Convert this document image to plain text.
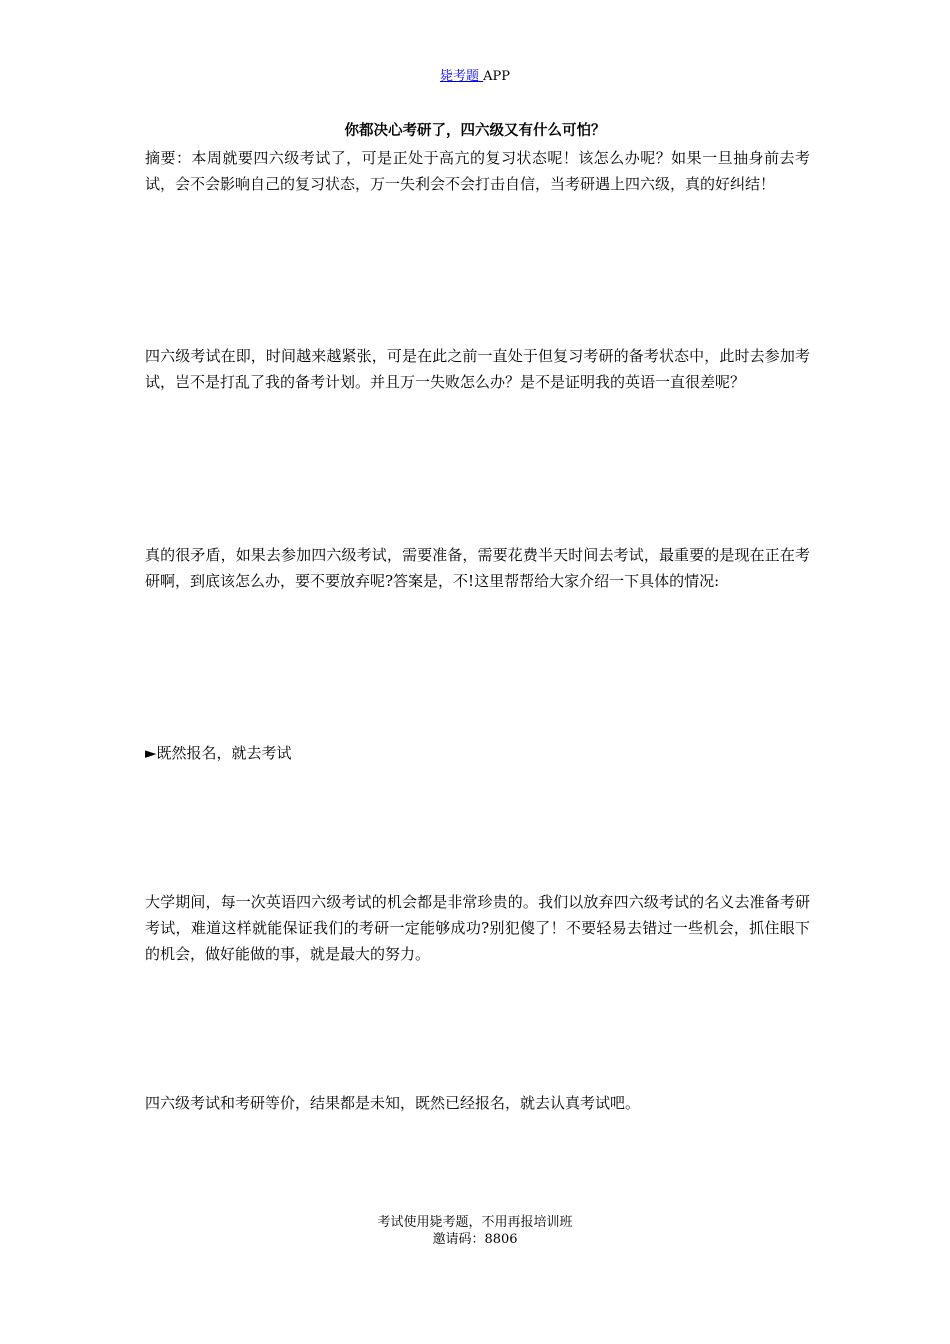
毙考题 APP
你都决心考研了，四六级又有什么可怕？
摘要：本周就要四六级考试了，可是正处于高亢的复习状态呢！该怎么办呢？如果一旦抽身前去考试，会不会影响自己的复习状态，万一失利会不会打击自信，当考研遇上四六级，真的好纠结！
四六级考试在即，时间越来越紧张，可是在此之前一直处于但复习考研的备考状态中，此时去参加考试，岂不是打乱了我的备考计划。并且万一失败怎么办？是不是证明我的英语一直很差呢？
真的很矛盾，如果去参加四六级考试，需要准备，需要花费半天时间去考试，最重要的是现在正在考研啊，到底该怎么办，要不要放弃呢?答案是，不!这里帮帮给大家介绍一下具体的情况:
►既然报名，就去考试
大学期间，每一次英语四六级考试的机会都是非常珍贵的。我们以放弃四六级考试的名义去准备考研考试，难道这样就能保证我们的考研一定能够成功?别犯傻了！不要轻易去错过一些机会，抓住眼下的机会，做好能做的事，就是最大的努力。
四六级考试和考研等价，结果都是未知，既然已经报名，就去认真考试吧。
考试使用毙考题，不用再报培训班
邀请码：8806
